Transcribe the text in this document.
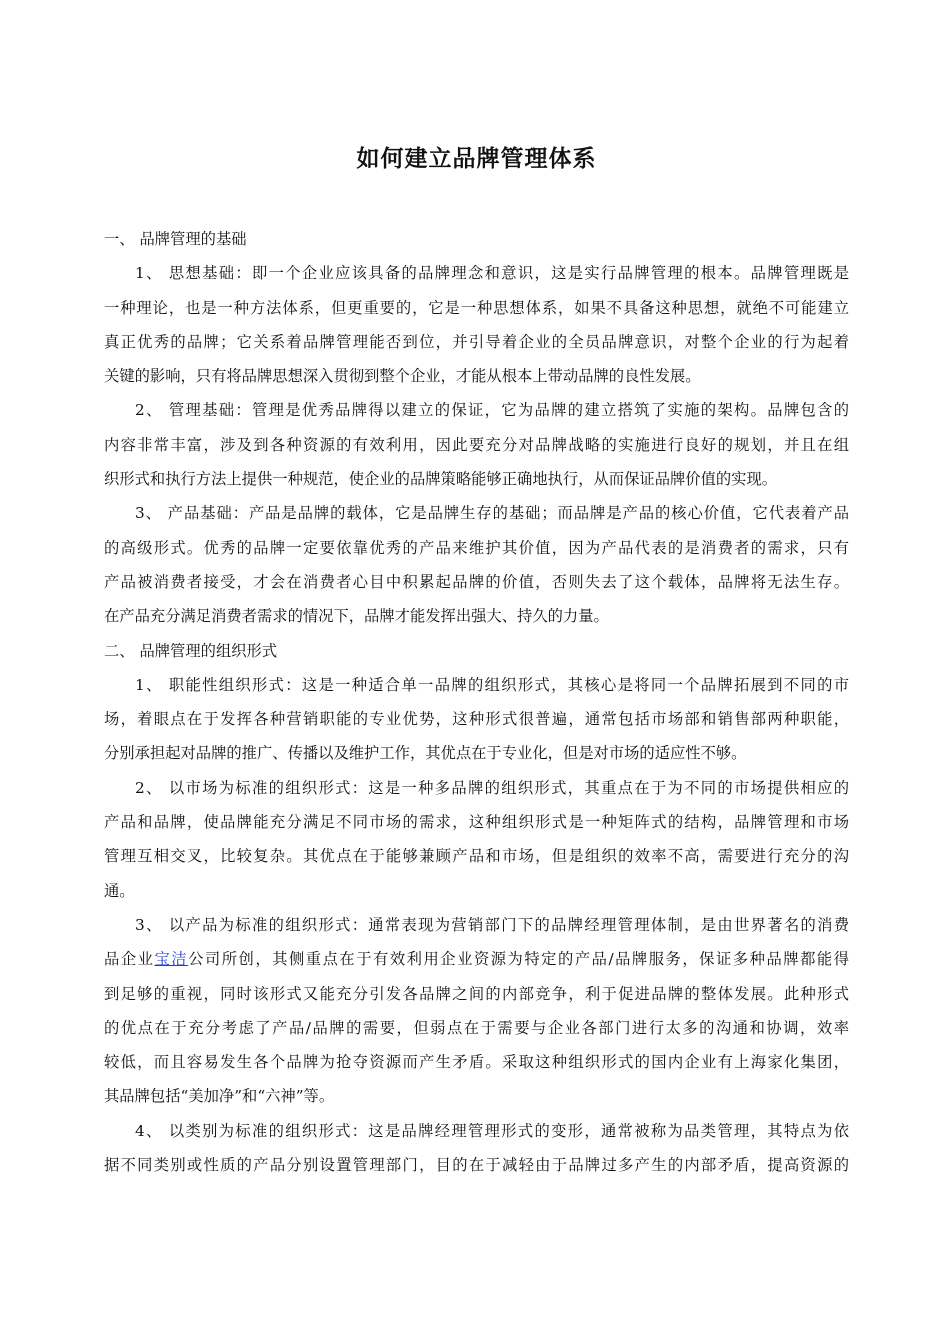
如何建立品牌管理体系
一、 品牌管理的基础
1、 思想基础：即一个企业应该具备的品牌理念和意识，这是实行品牌管理的根本。品牌管理既是
一种理论，也是一种方法体系，但更重要的，它是一种思想体系，如果不具备这种思想，就绝不可能建立
真正优秀的品牌；它关系着品牌管理能否到位，并引导着企业的全员品牌意识，对整个企业的行为起着
关键的影响，只有将品牌思想深入贯彻到整个企业，才能从根本上带动品牌的良性发展。
2、 管理基础：管理是优秀品牌得以建立的保证，它为品牌的建立搭筑了实施的架构。品牌包含的
内容非常丰富，涉及到各种资源的有效利用，因此要充分对品牌战略的实施进行良好的规划，并且在组
织形式和执行方法上提供一种规范，使企业的品牌策略能够正确地执行，从而保证品牌价值的实现。
3、 产品基础：产品是品牌的载体，它是品牌生存的基础；而品牌是产品的核心价值，它代表着产品
的高级形式。优秀的品牌一定要依靠优秀的产品来维护其价值，因为产品代表的是消费者的需求，只有
产品被消费者接受，才会在消费者心目中积累起品牌的价值，否则失去了这个载体，品牌将无法生存。
在产品充分满足消费者需求的情况下，品牌才能发挥出强大、持久的力量。
二、 品牌管理的组织形式
1、 职能性组织形式：这是一种适合单一品牌的组织形式，其核心是将同一个品牌拓展到不同的市
场，着眼点在于发挥各种营销职能的专业优势，这种形式很普遍，通常包括市场部和销售部两种职能，
分别承担起对品牌的推广、传播以及维护工作，其优点在于专业化，但是对市场的适应性不够。
2、 以市场为标准的组织形式：这是一种多品牌的组织形式，其重点在于为不同的市场提供相应的
产品和品牌，使品牌能充分满足不同市场的需求，这种组织形式是一种矩阵式的结构，品牌管理和市场
管理互相交叉，比较复杂。其优点在于能够兼顾产品和市场，但是组织的效率不高，需要进行充分的沟
通。
3、 以产品为标准的组织形式：通常表现为营销部门下的品牌经理管理体制，是由世界著名的消费
品企业宝洁公司所创，其侧重点在于有效利用企业资源为特定的产品/品牌服务，保证多种品牌都能得
到足够的重视，同时该形式又能充分引发各品牌之间的内部竞争，利于促进品牌的整体发展。此种形式
的优点在于充分考虑了产品/品牌的需要，但弱点在于需要与企业各部门进行太多的沟通和协调，效率
较低，而且容易发生各个品牌为抢夺资源而产生矛盾。采取这种组织形式的国内企业有上海家化集团，
其品牌包括“美加净”和“六神”等。
4、 以类别为标准的组织形式：这是品牌经理管理形式的变形，通常被称为品类管理，其特点为依
据不同类别或性质的产品分别设置管理部门，目的在于减轻由于品牌过多产生的内部矛盾，提高资源的
